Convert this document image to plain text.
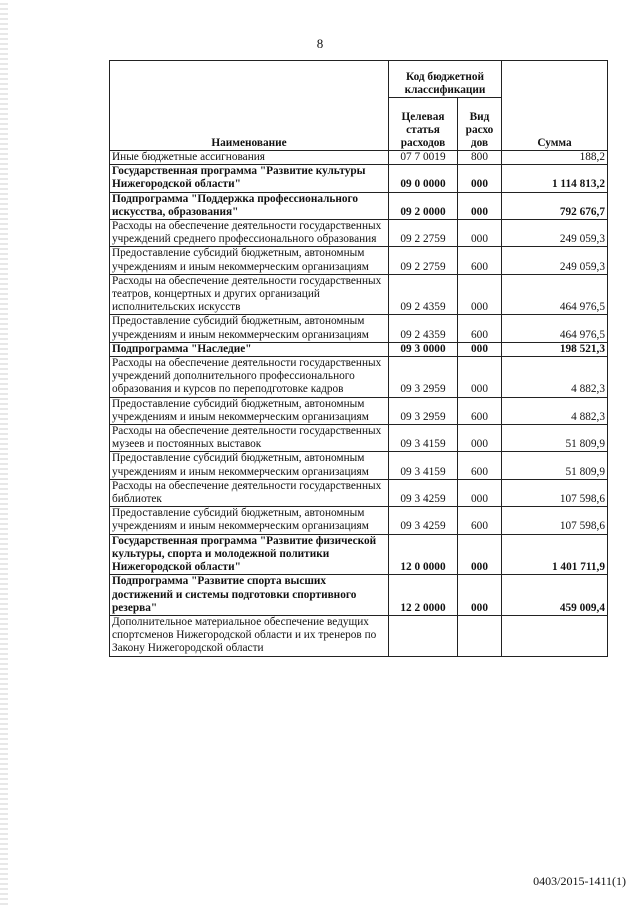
8
Наименование	Код бюджетной классификации		Сумма
	Целевая статья расходов	Вид расхо дов	
Иные бюджетные ассигнования	07 7 0019	800	188,2
Государственная программа "Развитие культуры Нижегородской области"	09 0 0000	000	1 114 813,2
Подпрограмма "Поддержка профессионального искусства, образования"	09 2 0000	000	792 676,7
Расходы на обеспечение деятельности государственных учреждений среднего профессионального образования	09 2 2759	000	249 059,3
Предоставление субсидий бюджетным, автономным учреждениям и иным некоммерческим организациям	09 2 2759	600	249 059,3
Расходы на обеспечение деятельности государственных театров, концертных и других организаций исполнительских искусств	09 2 4359	000	464 976,5
Предоставление субсидий бюджетным, автономным учреждениям и иным некоммерческим организациям	09 2 4359	600	464 976,5
Подпрограмма "Наследие"	09 3 0000	000	198 521,3
Расходы на обеспечение деятельности государственных учреждений дополнительного профессионального образования и курсов по переподготовке кадров	09 3 2959	000	4 882,3
Предоставление субсидий бюджетным, автономным учреждениям и иным некоммерческим организациям	09 3 2959	600	4 882,3
Расходы на обеспечение деятельности государственных музеев и постоянных выставок	09 3 4159	000	51 809,9
Предоставление субсидий бюджетным, автономным учреждениям и иным некоммерческим организациям	09 3 4159	600	51 809,9
Расходы на обеспечение деятельности государственных библиотек	09 3 4259	000	107 598,6
Предоставление субсидий бюджетным, автономным учреждениям и иным некоммерческим организациям	09 3 4259	600	107 598,6
Государственная программа "Развитие физической культуры, спорта и молодежной политики Нижегородской области"	12 0 0000	000	1 401 711,9
Подпрограмма "Развитие спорта высших достижений и системы подготовки спортивного резерва"	12 2 0000	000	459 009,4
Дополнительное материальное обеспечение ведущих спортсменов Нижегородской области и их тренеров по Закону Нижегородской области			
0403/2015-1411(1)
